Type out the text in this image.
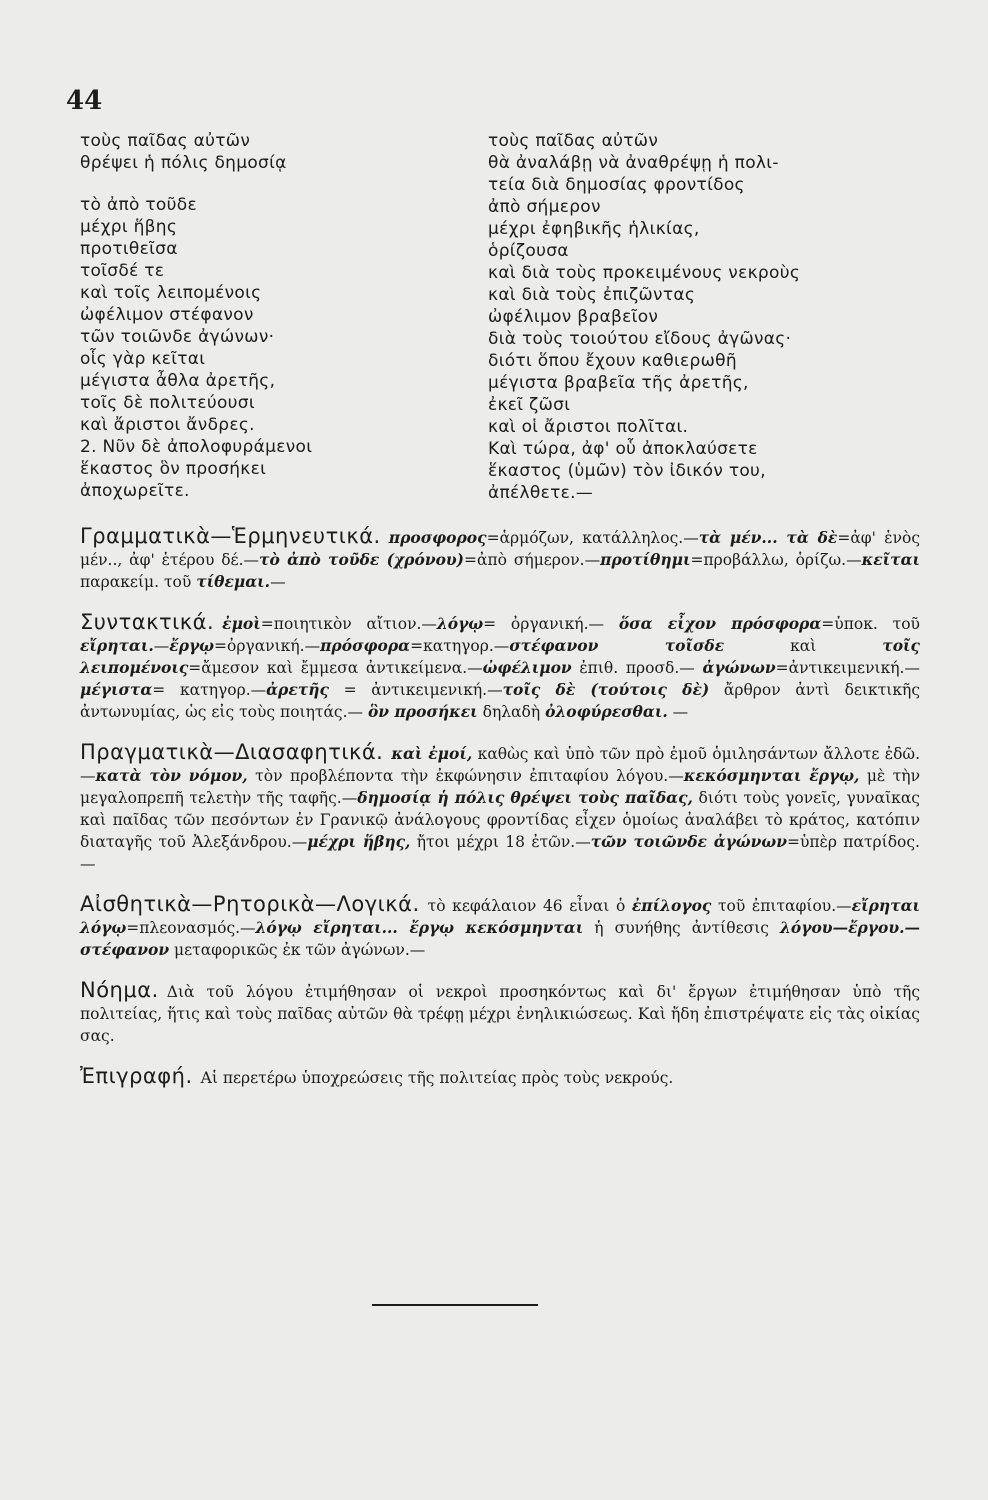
44
τοὺς παῖδας αὐτῶν
θρέψει ἡ πόλις δημοσίᾳ
τὸ ἀπὸ τοῦδε
μέχρι ἥβης
προτιθεῖσα
τοῖσδέ τε
καὶ τοῖς λειπομένοις
ὠφέλιμον στέφανον
τῶν τοιῶνδε ἀγώνων·
οἷς γὰρ κεῖται
μέγιστα ἆθλα ἀρετῆς,
τοῖς δὲ πολιτεύουσι
καὶ ἄριστοι ἄνδρες.
2. Νῦν δὲ ἀπολοφυράμενοι
ἕκαστος ὃν προσήκει
ἀποχωρεῖτε.
τοὺς παῖδας αὐτῶν
θὰ ἀναλάβῃ νὰ ἀναθρέψῃ ἡ πολι-
τεία διὰ δημοσίας φροντίδος
ἀπὸ σήμερον
μέχρι ἐφηβικῆς ἡλικίας,
ὁρίζουσα
καὶ διὰ τοὺς προκειμένους νεκροὺς
καὶ διὰ τοὺς ἐπιζῶντας
ὠφέλιμον βραβεῖον
διὰ τοὺς τοιούτου εἴδους ἀγῶνας·
διότι ὅπου ἔχουν καθιερωθῆ
μέγιστα βραβεῖα τῆς ἀρετῆς,
ἐκεῖ ζῶσι
καὶ οἱ ἄριστοι πολῖται.
Καὶ τώρα, ἀφ' οὗ ἀποκλαύσετε
ἕκαστος (ὑμῶν) τὸν ἰδικόν του,
ἀπέλθετε.—
Γραμματικὰ—Ἑρμηνευτικά. προσφορος=ἁρμόζων, κατάλληλος.—τὰ μέν... τὰ δὲ=ἀφ' ἑνὸς μέν.., ἀφ' ἑτέρου δέ.—τὸ ἀπὸ τοῦδε (χρόνου)=ἀπὸ σήμερον.—προτίθημι=προβάλλω, ὁρίζω.—κεῖται παρακείμ. τοῦ τίθεμαι.—
Συντακτικά. ἐμοὶ=ποιητικὸν αἴτιον.—λόγῳ= ὀργανική.— ὅσα εἶχον πρόσφορα=ὑποκ. τοῦ εἴρηται.—ἔργῳ=ὀργανική.—πρόσφορα=κατηγορ.—στέφανον τοῖσδε καὶ τοῖς λειπομένοις=ἄμεσον καὶ ἔμμεσα ἀντικείμενα.—ὠφέλιμον ἐπιθ. προσδ.— ἀγώνων=ἀντικειμενική.—μέγιστα= κατηγορ.—ἀρετῆς = ἀντικειμενική.—τοῖς δὲ (τούτοις δὲ) ἄρθρον ἀντὶ δεικτικῆς ἀντωνυμίας, ὡς εἰς τοὺς ποιητάς.— ὃν προσήκει δηλαδὴ ὀλοφύρεσθαι. —
Πραγματικὰ—Διασαφητικά. καὶ ἐμοί, καθὼς καὶ ὑπὸ τῶν πρὸ ἐμοῦ ὁμιλησάντων ἄλλοτε ἐδῶ.—κατὰ τὸν νόμον, τὸν προβλέποντα τὴν ἐκφώνησιν ἐπιταφίου λόγου.—κεκόσμηνται ἔργῳ, μὲ τὴν μεγαλοπρεπῆ τελετὴν τῆς ταφῆς.—δημοσίᾳ ἡ πόλις θρέψει τοὺς παῖδας, διότι τοὺς γονεῖς, γυναῖκας καὶ παῖδας τῶν πεσόντων ἐν Γρανικῷ ἀνάλογους φροντίδας εἶχεν ὁμοίως ἀναλάβει τὸ κράτος, κατόπιν διαταγῆς τοῦ Ἀλεξάνδρου.—μέχρι ἥβης, ἤτοι μέχρι 18 ἐτῶν.—τῶν τοιῶνδε ἀγώνων=ὑπὲρ πατρίδος.—
Αἰσθητικὰ—Ρητορικὰ—Λογικά. τὸ κεφάλαιον 46 εἶναι ὁ ἐπίλογος τοῦ ἐπιταφίου.—εἴρηται λόγῳ=πλεονασμός.—λόγῳ εἴρηται... ἔργῳ κεκόσμηνται ἡ συνήθης ἀντίθεσις λόγου—ἔργου.— στέφανον μεταφορικῶς ἐκ τῶν ἀγώνων.—
Νόημα. Διὰ τοῦ λόγου ἐτιμήθησαν οἱ νεκροὶ προσηκόντως καὶ δι' ἔργων ἐτιμήθησαν ὑπὸ τῆς πολιτείας, ἥτις καὶ τοὺς παῖδας αὐτῶν θὰ τρέφῃ μέχρι ἐνηλικιώσεως. Καὶ ἤδη ἐπιστρέψατε εἰς τὰς οἰκίας σας.
Ἐπιγραφή. Αἱ περετέρω ὑποχρεώσεις τῆς πολιτείας πρὸς τοὺς νεκρούς.
